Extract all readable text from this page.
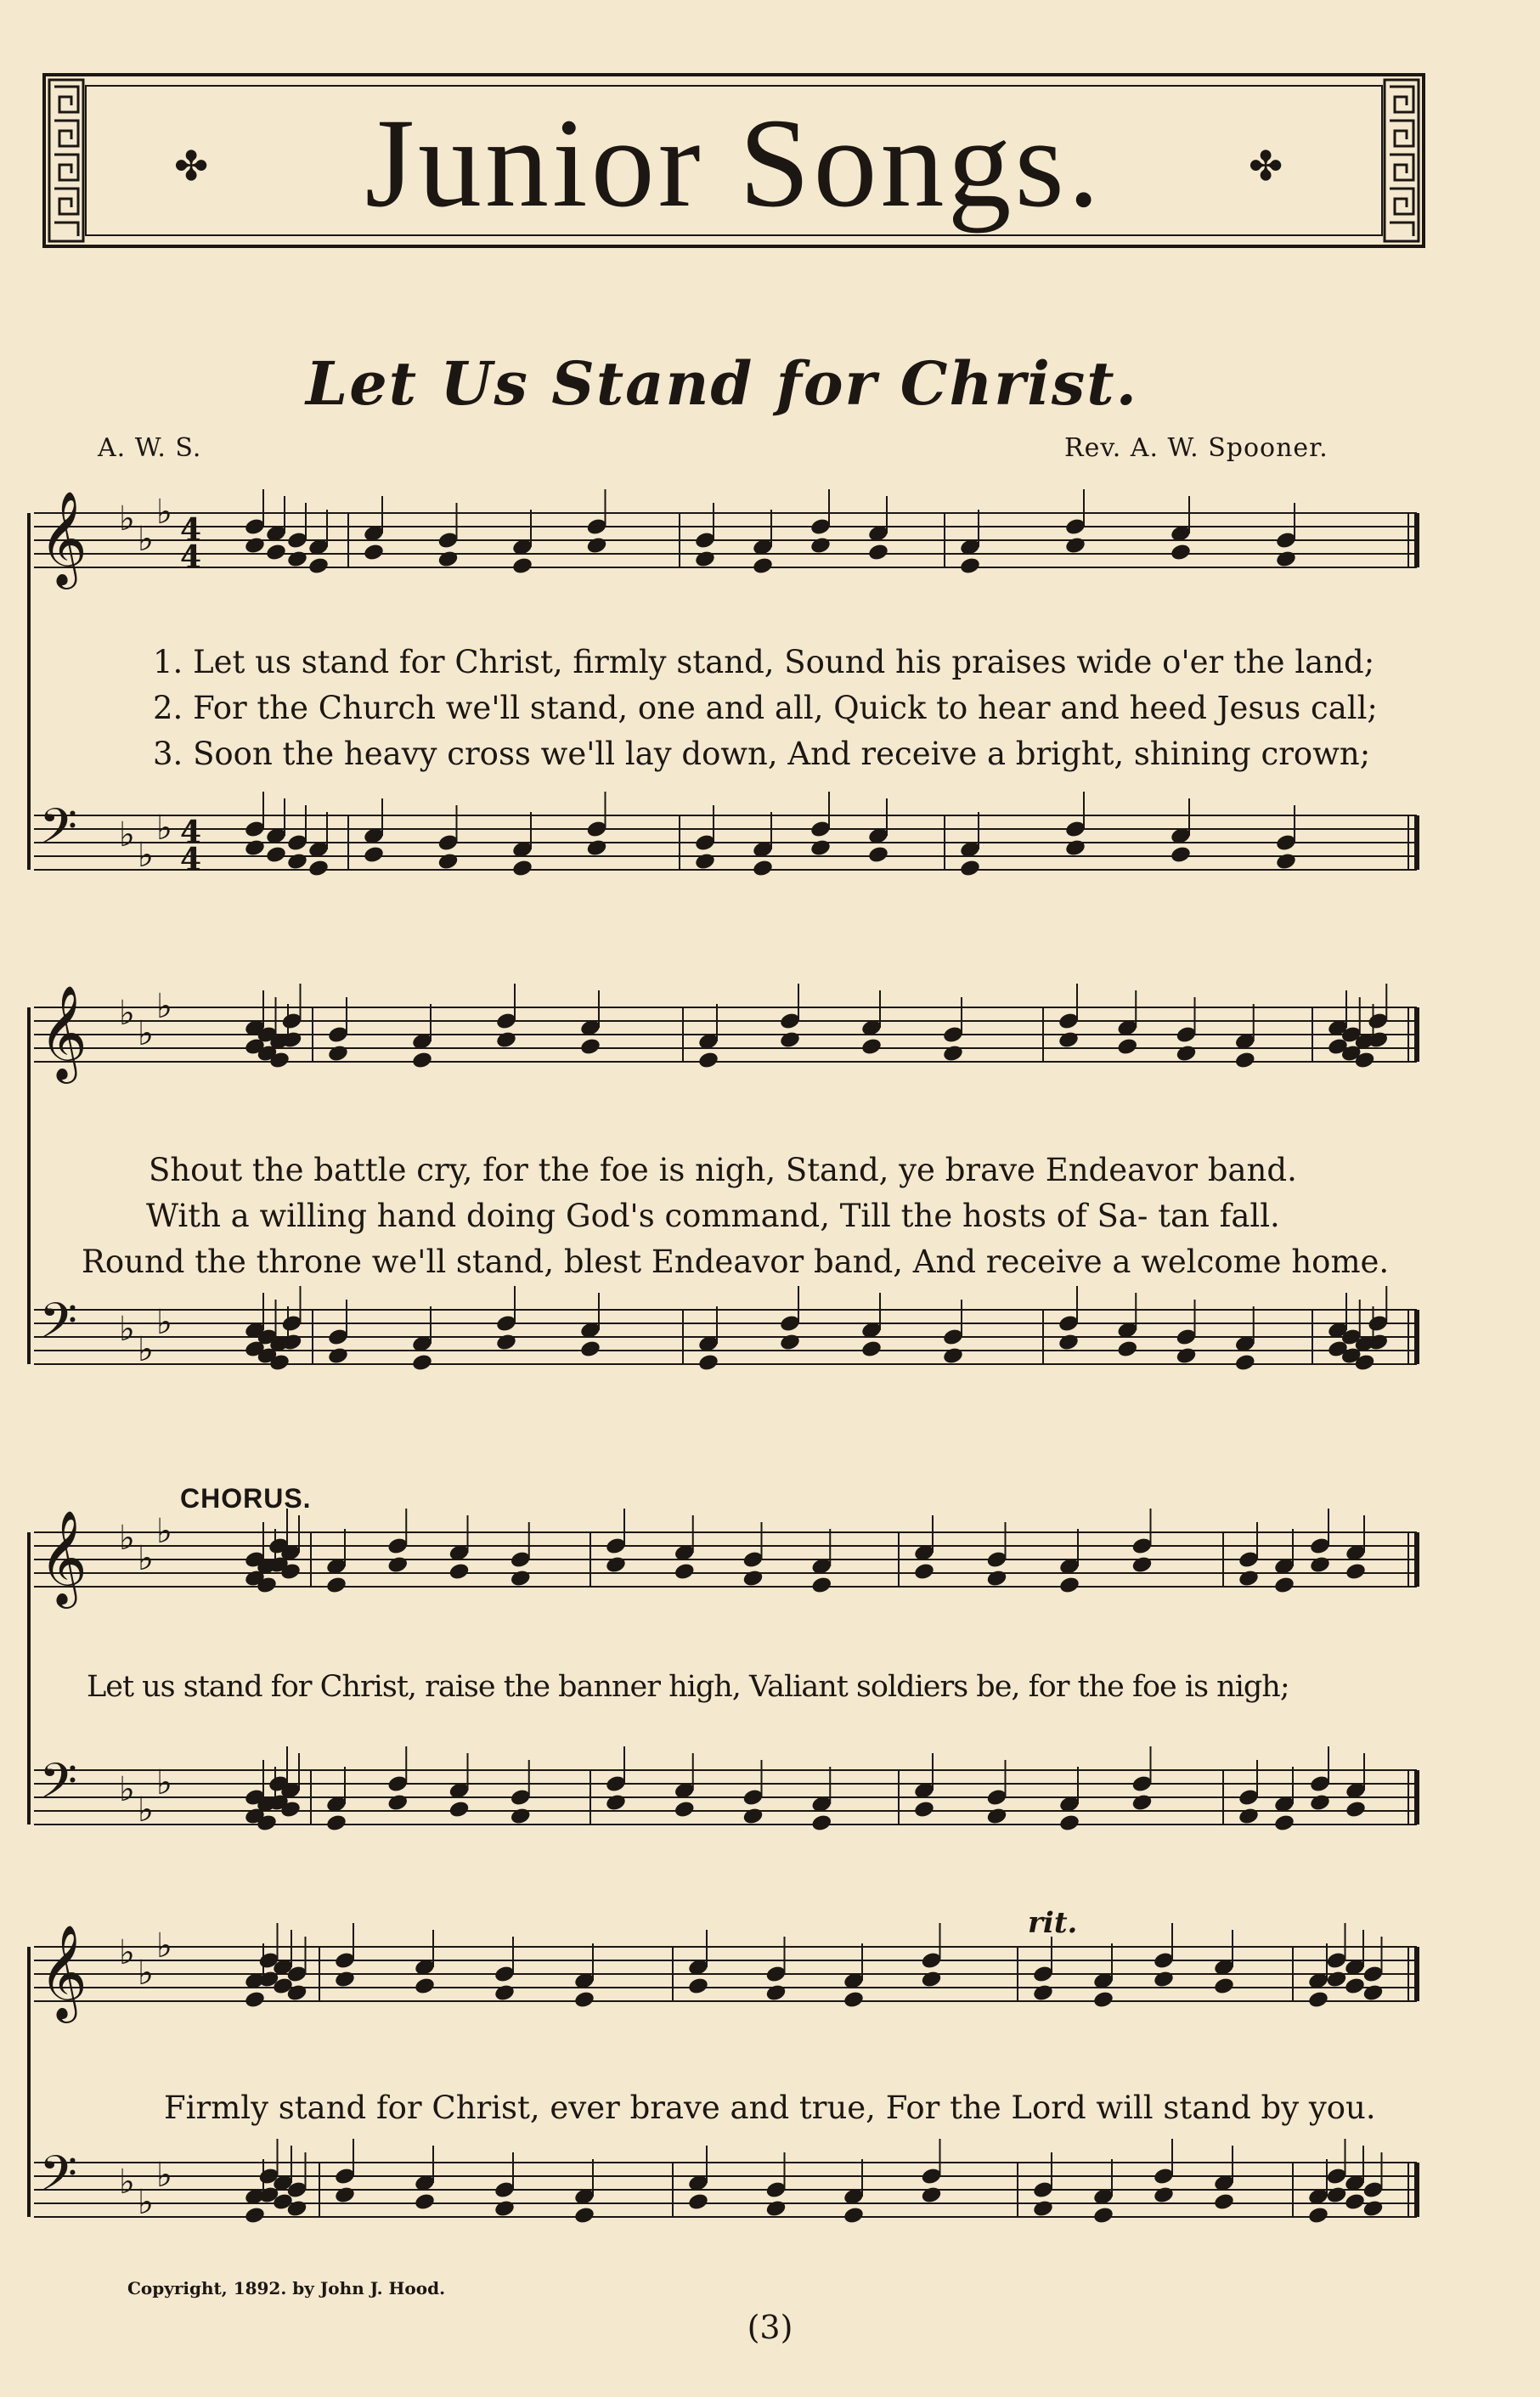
Junior Songs.
✤	✤
Let Us Stand for Christ.
A. W. S.	Rev. A. W. Spooner.
𝄞 ♭
♭
♭ 4
4
𝄢 ♭
♭
♭ 4
4
𝄞 ♭
♭
♭
𝄢 ♭
♭
♭
𝄞 ♭
♭
♭
𝄢 ♭
♭
♭
𝄞 ♭
♭
♭
𝄢 ♭
♭
♭
1. Let us stand for Christ, firmly stand, Sound his praises wide o'er the land;
2. For the Church we'll stand, one and all, Quick to hear and heed Jesus call;
3. Soon the heavy cross we'll lay down, And receive a bright, shining crown;
Shout the battle cry, for the foe is nigh, Stand, ye brave Endeavor band.
With a willing hand doing God's command, Till the hosts of Sa- tan fall.
Round the throne we'll stand, blest Endeavor band, And receive a welcome home.
CHORUS.
Let us stand for Christ, raise the banner high, Valiant soldiers be, for the foe is nigh;
rit.
Firmly stand for Christ, ever brave and true, For the Lord will stand by you.
Copyright, 1892. by John J. Hood.
(3)
